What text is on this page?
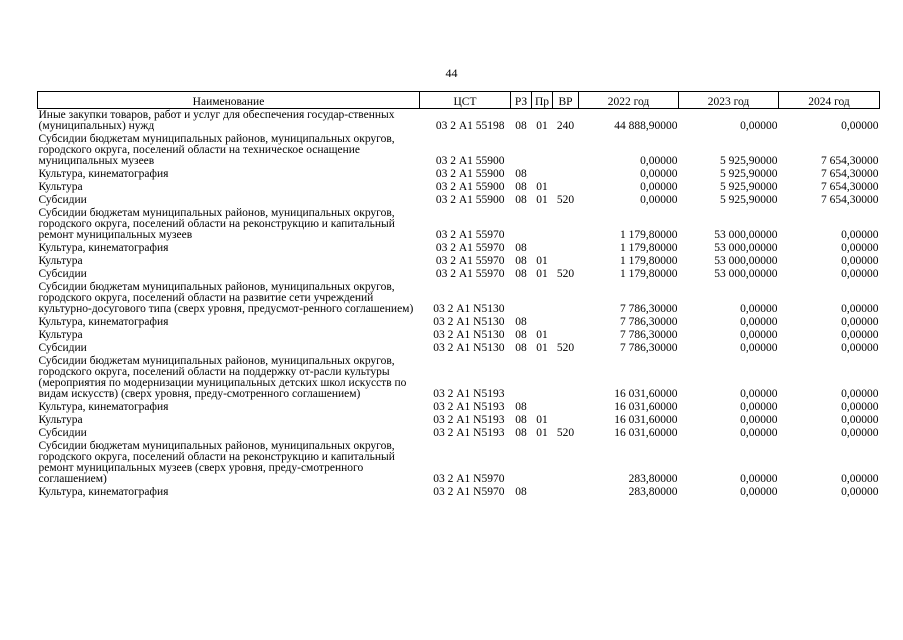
44
Наименование	ЦСТ	РЗ	Пр	ВР	2022 год	2023 год	2024 год
Иные закупки товаров, работ и услуг для обеспечения государ-ственных (муниципальных) нужд	03 2 А1 55198	08	01	240	44 888,90000	0,00000	0,00000
Субсидии бюджетам муниципальных районов, муниципальных округов, городского округа, поселений области на техническое оснащение муниципальных музеев	03 2 А1 55900				0,00000	5 925,90000	7 654,30000
Культура, кинематография	03 2 А1 55900	08			0,00000	5 925,90000	7 654,30000
Культура	03 2 А1 55900	08	01		0,00000	5 925,90000	7 654,30000
Субсидии	03 2 А1 55900	08	01	520	0,00000	5 925,90000	7 654,30000
Субсидии бюджетам муниципальных районов, муниципальных округов, городского округа, поселений области на реконструкцию и капитальный ремонт муниципальных музеев	03 2 А1 55970				1 179,80000	53 000,00000	0,00000
Культура, кинематография	03 2 А1 55970	08			1 179,80000	53 000,00000	0,00000
Культура	03 2 А1 55970	08	01		1 179,80000	53 000,00000	0,00000
Субсидии	03 2 А1 55970	08	01	520	1 179,80000	53 000,00000	0,00000
Субсидии бюджетам муниципальных районов, муниципальных округов, городского округа, поселений области на развитие сети учреждений культурно-досугового типа (сверх уровня, предусмот-ренного соглашением)	03 2 А1 N5130				7 786,30000	0,00000	0,00000
Культура, кинематография	03 2 А1 N5130	08			7 786,30000	0,00000	0,00000
Культура	03 2 А1 N5130	08	01		7 786,30000	0,00000	0,00000
Субсидии	03 2 А1 N5130	08	01	520	7 786,30000	0,00000	0,00000
Субсидии бюджетам муниципальных районов, муниципальных округов, городского округа, поселений области на поддержку от-расли культуры (мероприятия по модернизации муниципальных детских школ искусств по видам искусств) (сверх уровня, преду-смотренного соглашением)	03 2 А1 N5193				16 031,60000	0,00000	0,00000
Культура, кинематография	03 2 А1 N5193	08			16 031,60000	0,00000	0,00000
Культура	03 2 А1 N5193	08	01		16 031,60000	0,00000	0,00000
Субсидии	03 2 А1 N5193	08	01	520	16 031,60000	0,00000	0,00000
Субсидии бюджетам муниципальных районов, муниципальных округов, городского округа, поселений области на реконструкцию и капитальный ремонт муниципальных музеев (сверх уровня, преду-смотренного соглашением)	03 2 А1 N5970				283,80000	0,00000	0,00000
Культура, кинематография	03 2 А1 N5970	08			283,80000	0,00000	0,00000
